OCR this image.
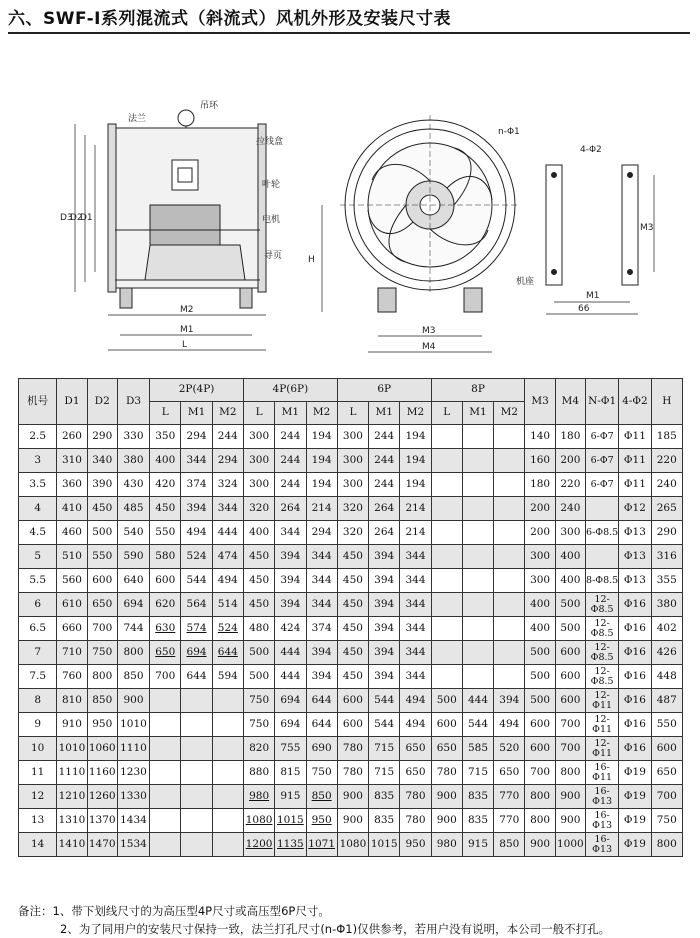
六、SWF-Ⅰ系列混流式（斜流式）风机外形及安装尺寸表
法兰
吊环
拉线盒
叶轮
电机
导页
D3
D2
D1
M2
M1
L
H
n-Φ1
机座
M3
M4
4-Φ2
M3
M1
66
机号	D1	D2	D3	2P(4P)			4P(6P)			6P			8P			M3	M4	N-Φ1	4-Φ2	H
				L	M1	M2	L	M1	M2	L	M1	M2	L	M1	M2					
2.5	260	290	330	350	294	244	300	244	194	300	244	194				140	180	6-Φ7	Φ11	185
3	310	340	380	400	344	294	300	244	194	300	244	194				160	200	6-Φ7	Φ11	220
3.5	360	390	430	420	374	324	300	244	194	300	244	194				180	220	6-Φ7	Φ11	240
4	410	450	485	450	394	344	320	264	214	320	264	214				200	240		Φ12	265
4.5	460	500	540	550	494	444	400	344	294	320	264	214				200	300	6-Φ8.5	Φ13	290
5	510	550	590	580	524	474	450	394	344	450	394	344				300	400		Φ13	316
5.5	560	600	640	600	544	494	450	394	344	450	394	344				300	400	8-Φ8.5	Φ13	355
6	610	650	694	620	564	514	450	394	344	450	394	344				400	500	12-Φ8.5	Φ16	380
6.5	660	700	744	630	574	524	480	424	374	450	394	344				400	500	12-Φ8.5	Φ16	402
7	710	750	800	650	694	644	500	444	394	450	394	344				500	600	12-Φ8.5	Φ16	426
7.5	760	800	850	700	644	594	500	444	394	450	394	344				500	600	12-Φ8.5	Φ16	448
8	810	850	900				750	694	644	600	544	494	500	444	394	500	600	12-Φ11	Φ16	487
9	910	950	1010				750	694	644	600	544	494	600	544	494	600	700	12-Φ11	Φ16	550
10	1010	1060	1110				820	755	690	780	715	650	650	585	520	600	700	12-Φ11	Φ16	600
11	1110	1160	1230				880	815	750	780	715	650	780	715	650	700	800	16-Φ11	Φ19	650
12	1210	1260	1330				980	915	850	900	835	780	900	835	770	800	900	16-Φ13	Φ19	700
13	1310	1370	1434				1080	1015	950	900	835	780	900	835	770	800	900	16-Φ13	Φ19	750
14	1410	1470	1534				1200	1135	1071	1080	1015	950	980	915	850	900	1000	16-Φ13	Φ19	800
备注：1、带下划线尺寸的为高压型4P尺寸或高压型6P尺寸。
2、为了同用户的安装尺寸保持一致，法兰打孔尺寸(n-Φ1)仅供参考，若用户没有说明，本公司一般不打孔。
